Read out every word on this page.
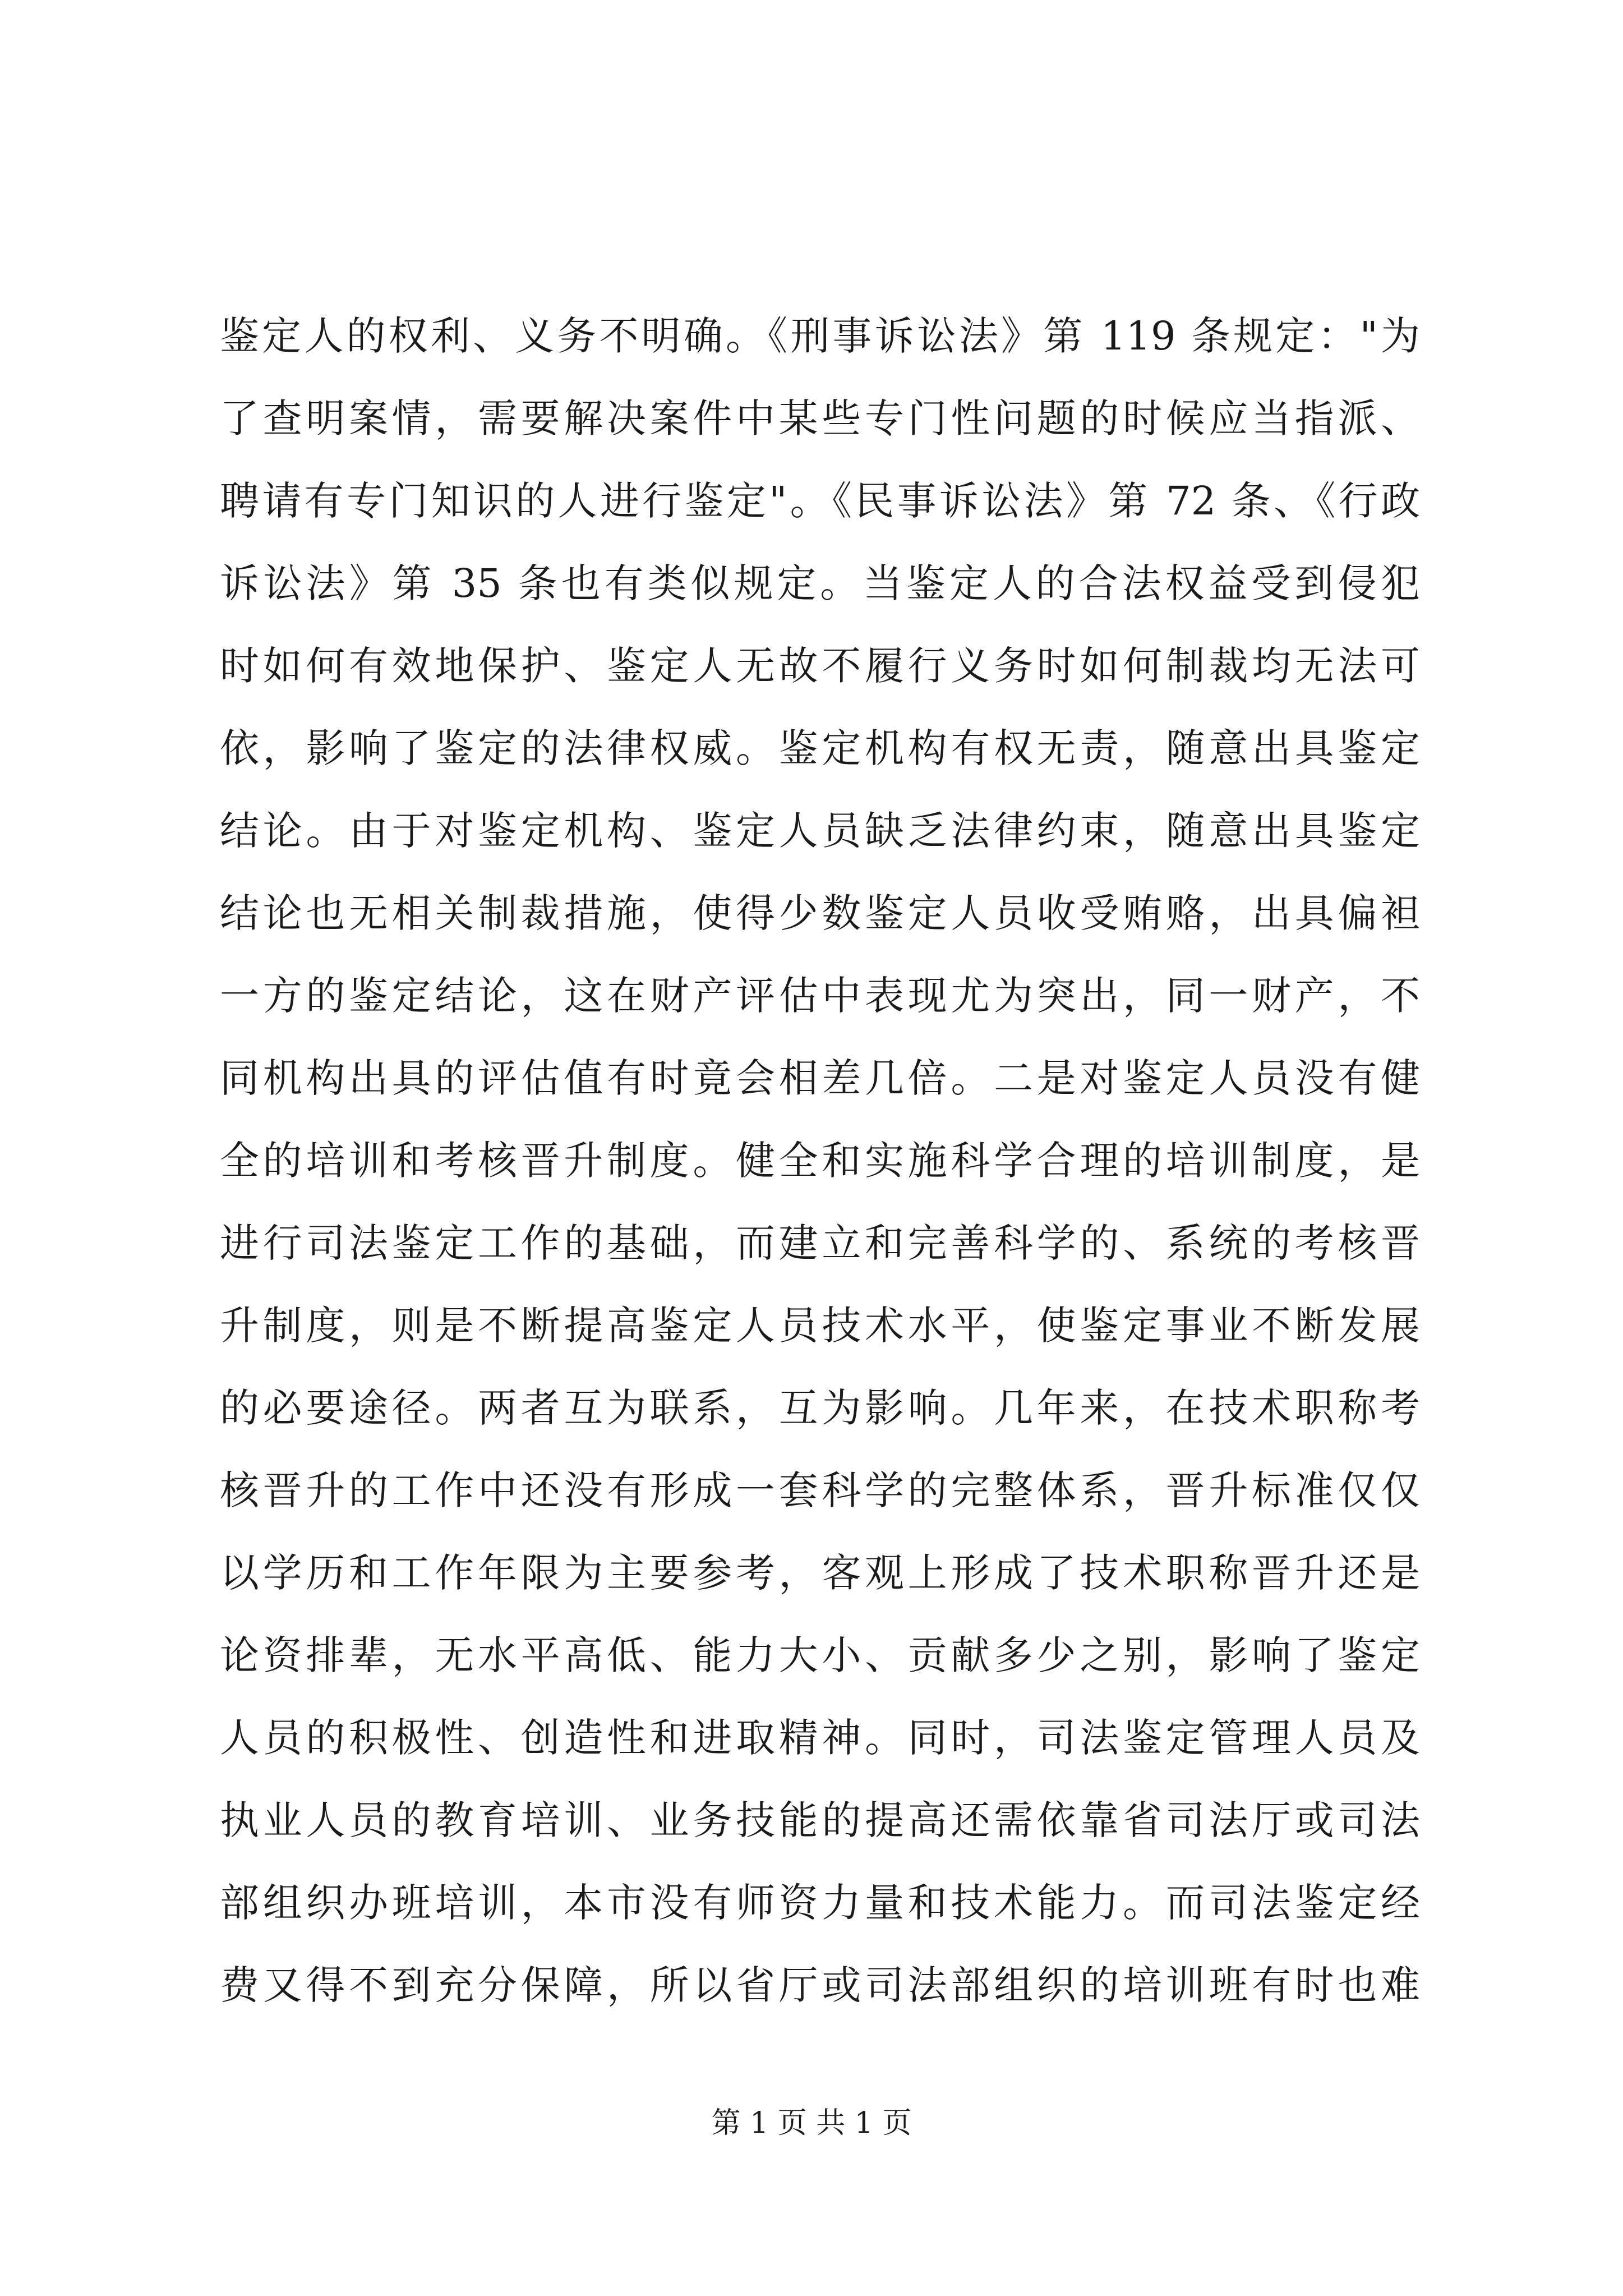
鉴定人的权利、义务不明确。《刑事诉讼法》第 119 条规定："为
了查明案情，需要解决案件中某些专门性问题的时候应当指派、
聘请有专门知识的人进行鉴定"。《民事诉讼法》第 72 条、《行政
诉讼法》第 35 条也有类似规定。当鉴定人的合法权益受到侵犯
时如何有效地保护、鉴定人无故不履行义务时如何制裁均无法可
依，影响了鉴定的法律权威。鉴定机构有权无责，随意出具鉴定
结论。由于对鉴定机构、鉴定人员缺乏法律约束，随意出具鉴定
结论也无相关制裁措施，使得少数鉴定人员收受贿赂，出具偏袒
一方的鉴定结论，这在财产评估中表现尤为突出，同一财产，不
同机构出具的评估值有时竟会相差几倍。二是对鉴定人员没有健
全的培训和考核晋升制度。健全和实施科学合理的培训制度，是
进行司法鉴定工作的基础，而建立和完善科学的、系统的考核晋
升制度，则是不断提高鉴定人员技术水平，使鉴定事业不断发展
的必要途径。两者互为联系，互为影响。几年来，在技术职称考
核晋升的工作中还没有形成一套科学的完整体系，晋升标准仅仅
以学历和工作年限为主要参考，客观上形成了技术职称晋升还是
论资排辈，无水平高低、能力大小、贡献多少之别，影响了鉴定
人员的积极性、创造性和进取精神。同时，司法鉴定管理人员及
执业人员的教育培训、业务技能的提高还需依靠省司法厅或司法
部组织办班培训，本市没有师资力量和技术能力。而司法鉴定经
费又得不到充分保障，所以省厅或司法部组织的培训班有时也难
第 1 页 共 1 页
